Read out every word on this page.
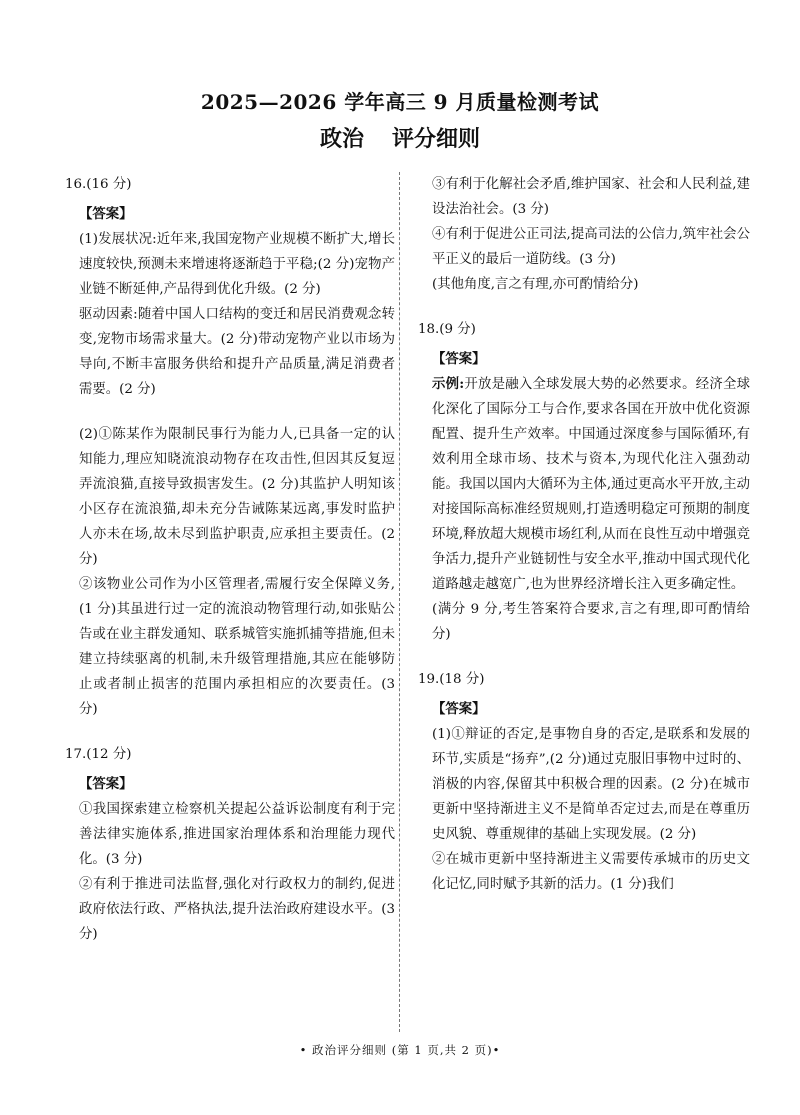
2025—2026 学年高三 9 月质量检测考试
政治 评分细则

16.(16 分)

【答案】

(1)发展状况:近年来,我国宠物产业规模不断扩大,增长速度较快,预测未来增速将逐渐趋于平稳;(2 分)宠物产业链不断延伸,产品得到优化升级。(2 分)

驱动因素:随着中国人口结构的变迁和居民消费观念转变,宠物市场需求量大。(2 分)带动宠物产业以市场为导向,不断丰富服务供给和提升产品质量,满足消费者需要。(2 分)

(2)①陈某作为限制民事行为能力人,已具备一定的认知能力,理应知晓流浪动物存在攻击性,但因其反复逗弄流浪猫,直接导致损害发生。(2 分)其监护人明知该小区存在流浪猫,却未充分告诫陈某远离,事发时监护人亦未在场,故未尽到监护职责,应承担主要责任。(2 分)

②该物业公司作为小区管理者,需履行安全保障义务,(1 分)其虽进行过一定的流浪动物管理行动,如张贴公告或在业主群发通知、联系城管实施抓捕等措施,但未建立持续驱离的机制,未升级管理措施,其应在能够防止或者制止损害的范围内承担相应的次要责任。(3 分)

17.(12 分)

【答案】

①我国探索建立检察机关提起公益诉讼制度有利于完善法律实施体系,推进国家治理体系和治理能力现代化。(3 分)

②有利于推进司法监督,强化对行政权力的制约,促进政府依法行政、严格执法,提升法治政府建设水平。(3 分)

③有利于化解社会矛盾,维护国家、社会和人民利益,建设法治社会。(3 分)

④有利于促进公正司法,提高司法的公信力,筑牢社会公平正义的最后一道防线。(3 分)

(其他角度,言之有理,亦可酌情给分)

18.(9 分)

【答案】

示例:开放是融入全球发展大势的必然要求。经济全球化深化了国际分工与合作,要求各国在开放中优化资源配置、提升生产效率。中国通过深度参与国际循环,有效利用全球市场、技术与资本,为现代化注入强劲动能。我国以国内大循环为主体,通过更高水平开放,主动对接国际高标准经贸规则,打造透明稳定可预期的制度环境,释放超大规模市场红利,从而在良性互动中增强竞争活力,提升产业链韧性与安全水平,推动中国式现代化道路越走越宽广,也为世界经济增长注入更多确定性。

(满分 9 分,考生答案符合要求,言之有理,即可酌情给分)

19.(18 分)

【答案】

(1)①辩证的否定,是事物自身的否定,是联系和发展的环节,实质是“扬弃”,(2 分)通过克服旧事物中过时的、消极的内容,保留其中积极合理的因素。(2 分)在城市更新中坚持渐进主义不是简单否定过去,而是在尊重历史风貌、尊重规律的基础上实现发展。(2 分)

②在城市更新中坚持渐进主义需要传承城市的历史文化记忆,同时赋予其新的活力。(1 分)我们

• 政治评分细则 (第 1 页,共 2 页)•
